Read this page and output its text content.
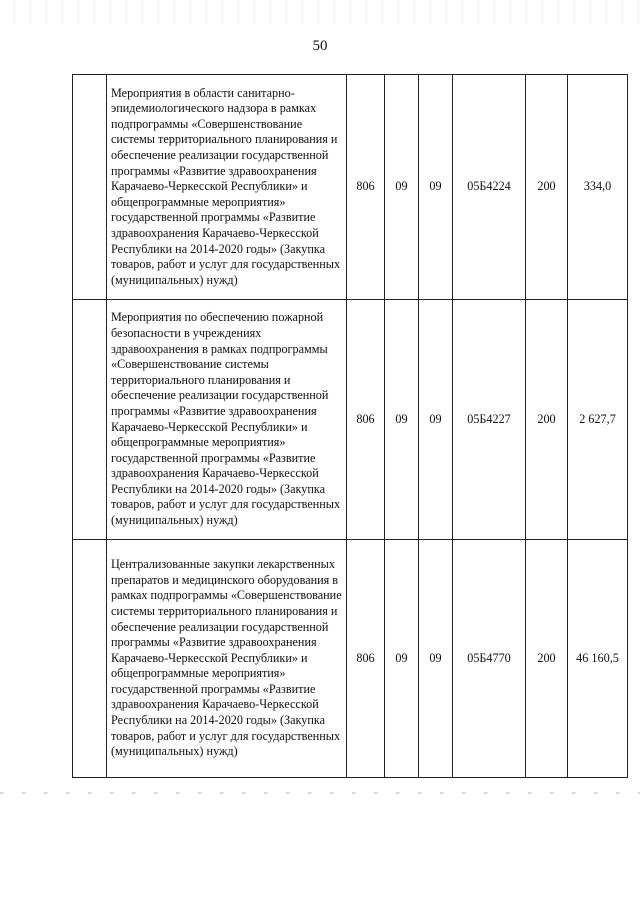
50
	Мероприятия в области санитарно-эпидемиологического надзора в рамках подпрограммы «Совершенствование системы территориального планирования и обеспечение реализации государственной программы «Развитие здравоохранения Карачаево-Черкесской Республики» и общепрограммные мероприятия» государственной программы «Развитие здравоохранения Карачаево-Черкесской Республики на 2014-2020 годы» (Закупка товаров, работ и услуг для государственных (муниципальных) нужд)	806	09	09	05Б4224	200	334,0
	Мероприятия по обеспечению пожарной безопасности в учреждениях здравоохранения в рамках подпрограммы «Совершенствование системы территориального планирования и обеспечение реализации государственной программы «Развитие здравоохранения Карачаево-Черкесской Республики» и общепрограммные мероприятия» государственной программы «Развитие здравоохранения Карачаево-Черкесской Республики на 2014-2020 годы» (Закупка товаров, работ и услуг для государственных (муниципальных) нужд)	806	09	09	05Б4227	200	2 627,7
	Централизованные закупки лекарственных препаратов и медицинского оборудования в рамках подпрограммы «Совершенствование системы территориального планирования и обеспечение реализации государственной программы «Развитие здравоохранения Карачаево-Черкесской Республики» и общепрограммные мероприятия» государственной программы «Развитие здравоохранения Карачаево-Черкесской Республики на 2014-2020 годы» (Закупка товаров, работ и услуг для государственных (муниципальных) нужд)	806	09	09	05Б4770	200	46 160,5
